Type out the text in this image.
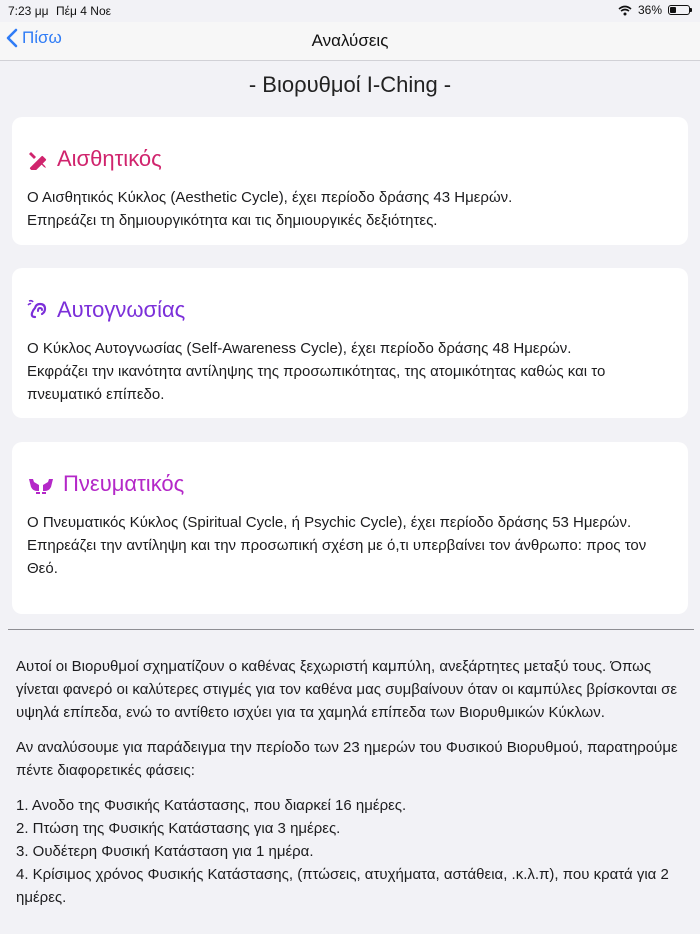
7:23 μμ Πέμ 4 Νοε	36%
Πίσω	Αναλύσεις
- Βιορυθμοί I-Ching -
Αισθητικός
Ο Αισθητικός Κύκλος (Aesthetic Cycle), έχει περίοδο δράσης 43 Ημερών.
Επηρεάζει τη δημιουργικότητα και τις δημιουργικές δεξιότητες.
Αυτογνωσίας
Ο Κύκλος Αυτογνωσίας (Self-Awareness Cycle), έχει περίοδο δράσης 48 Ημερών.
Εκφράζει την ικανότητα αντίληψης της προσωπικότητας, της ατομικότητας καθώς και το πνευματικό επίπεδο.
Πνευματικός
Ο Πνευματικός Κύκλος (Spiritual Cycle, ή Psychic Cycle), έχει περίοδο δράσης 53 Ημερών.
Επηρεάζει την αντίληψη και την προσωπική σχέση με ό,τι υπερβαίνει τον άνθρωπο: προς τον Θεό.

Αυτοί οι Βιορυθμοί σχηματίζουν ο καθένας ξεχωριστή καμπύλη, ανεξάρτητες μεταξύ τους. Όπως γίνεται φανερό οι καλύτερες στιγμές για τον καθένα μας συμβαίνουν όταν οι καμπύλες βρίσκονται σε υψηλά επίπεδα, ενώ το αντίθετο ισχύει για τα χαμηλά επίπεδα των Βιορυθμικών Κύκλων.

Αν αναλύσουμε για παράδειγμα την περίοδο των 23 ημερών του Φυσικού Βιορυθμού, παρατηρούμε πέντε διαφορετικές φάσεις:

1. Ανοδο της Φυσικής Κατάστασης, που διαρκεί 16 ημέρες.
2. Πτώση της Φυσικής Κατάστασης για 3 ημέρες.
3. Ουδέτερη Φυσική Κατάσταση για 1 ημέρα.
4. Κρίσιμος χρόνος Φυσικής Κατάστασης, (πτώσεις, ατυχήματα, αστάθεια, .κ.λ.π), που κρατά για 2 ημέρες.
